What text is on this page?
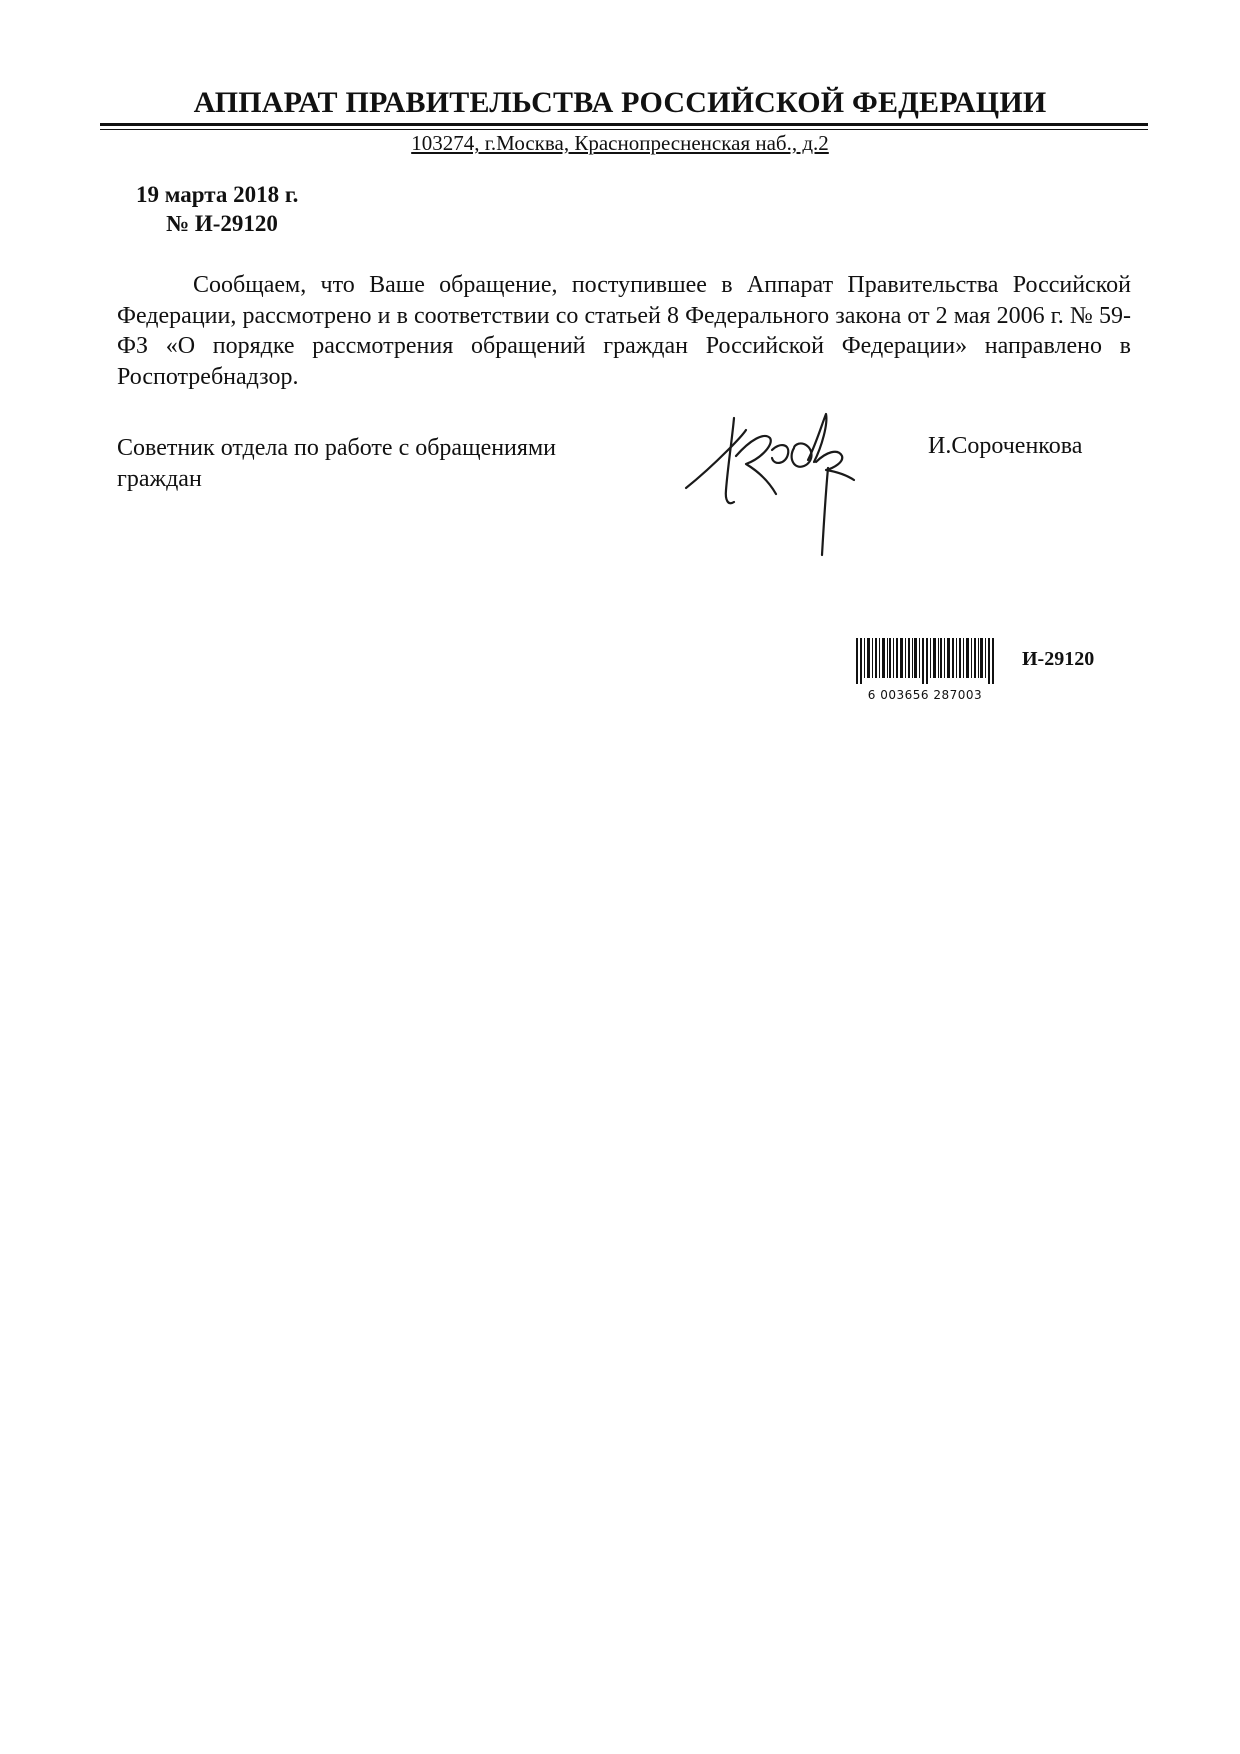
АППАРАТ ПРАВИТЕЛЬСТВА РОССИЙСКОЙ ФЕДЕРАЦИИ
103274, г.Москва, Краснопресненская наб., д.2
19 марта 2018 г.
№ И-29120
Сообщаем, что Ваше обращение, поступившее в Аппарат Правительства Российской Федерации, рассмотрено и в соответствии со статьей 8 Федерального закона от 2 мая 2006 г. № 59-ФЗ «О порядке рассмотрения обращений граждан Российской Федерации» направлено в Роспотребнадзор.
Советник отдела по работе с обращениями граждан
И.Сороченкова
6 003656 287003
И-29120
